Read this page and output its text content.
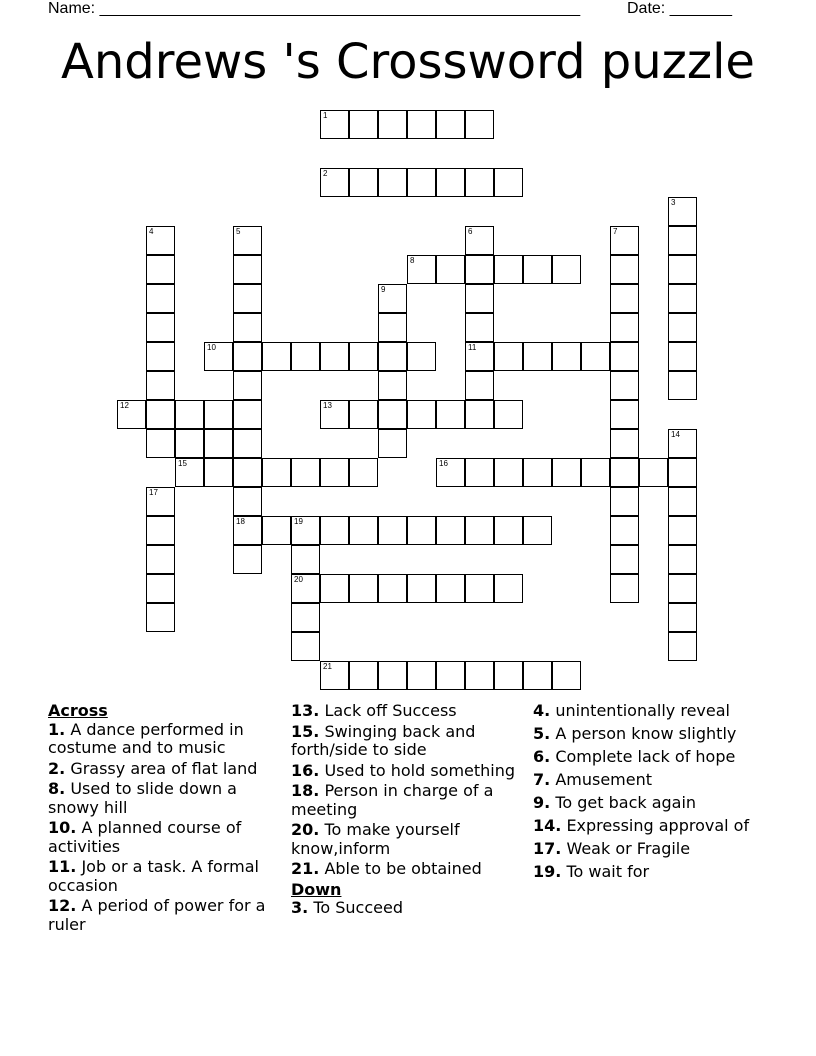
Name: ______________________________________________________	Date: _______
Andrews 's Crossword puzzle
1
2
3
4	5
18
6
11
7
8
9
10
12	13
14
15	16
17
19
20
21
Across
1. A dance performed in costume and to music
2. Grassy area of flat land
8. Used to slide down a snowy hill
10. A planned course of activities
11. Job or a task. A formal occasion
12. A period of power for a ruler
13. Lack off Success
15. Swinging back and forth/side to side
16. Used to hold something
18. Person in charge of a meeting
20. To make yourself know,inform
21. Able to be obtained
Down
3. To Succeed
4. unintentionally reveal
5. A person know slightly
6. Complete lack of hope
7. Amusement
9. To get back again
14. Expressing approval of
17. Weak or Fragile
19. To wait for
